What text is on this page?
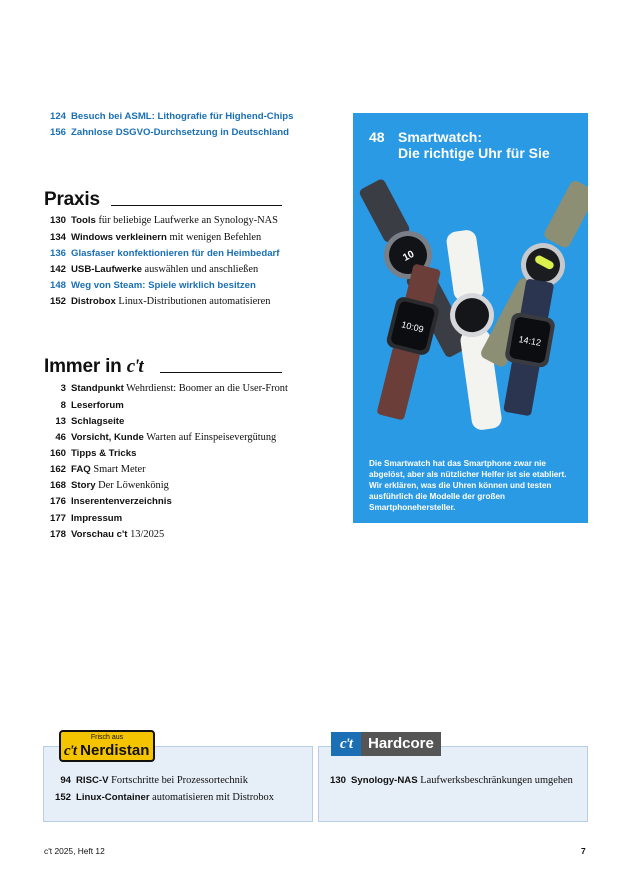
124 Besuch bei ASML: Lithografie für Highend-Chips
156 Zahnlose DSGVO-Durchsetzung in Deutschland
Praxis
130 Tools für beliebige Laufwerke an Synology-NAS
134 Windows verkleinern mit wenigen Befehlen
136 Glasfaser konfektionieren für den Heimbedarf
142 USB-Laufwerke auswählen und anschließen
148 Weg von Steam: Spiele wirklich besitzen
152 Distrobox Linux-Distributionen automatisieren
Immer in c't
3 Standpunkt Wehrdienst: Boomer an die User-Front
8 Leserforum
13 Schlagseite
46 Vorsicht, Kunde Warten auf Einspeisevergütung
160 Tipps & Tricks
162 FAQ Smart Meter
168 Story Der Löwenkönig
176 Inserentenverzeichnis
177 Impressum
178 Vorschau c't 13/2025
48 Smartwatch:
Die richtige Uhr für Sie
10
10:09
14:12
Die Smartwatch hat das Smartphone zwar nie abgelöst, aber als nützlicher Helfer ist sie etabliert. Wir erklären, was die Uhren können und testen ausführlich die Modelle der großen Smartphonehersteller.
Frisch aus
c't Nerdistan
94 RISC-V Fortschritte bei Prozessortechnik
152 Linux-Container automatisieren mit Distrobox
c't	Hardcore
130 Synology-NAS Laufwerksbeschränkungen umgehen
c't 2025, Heft 12	7
